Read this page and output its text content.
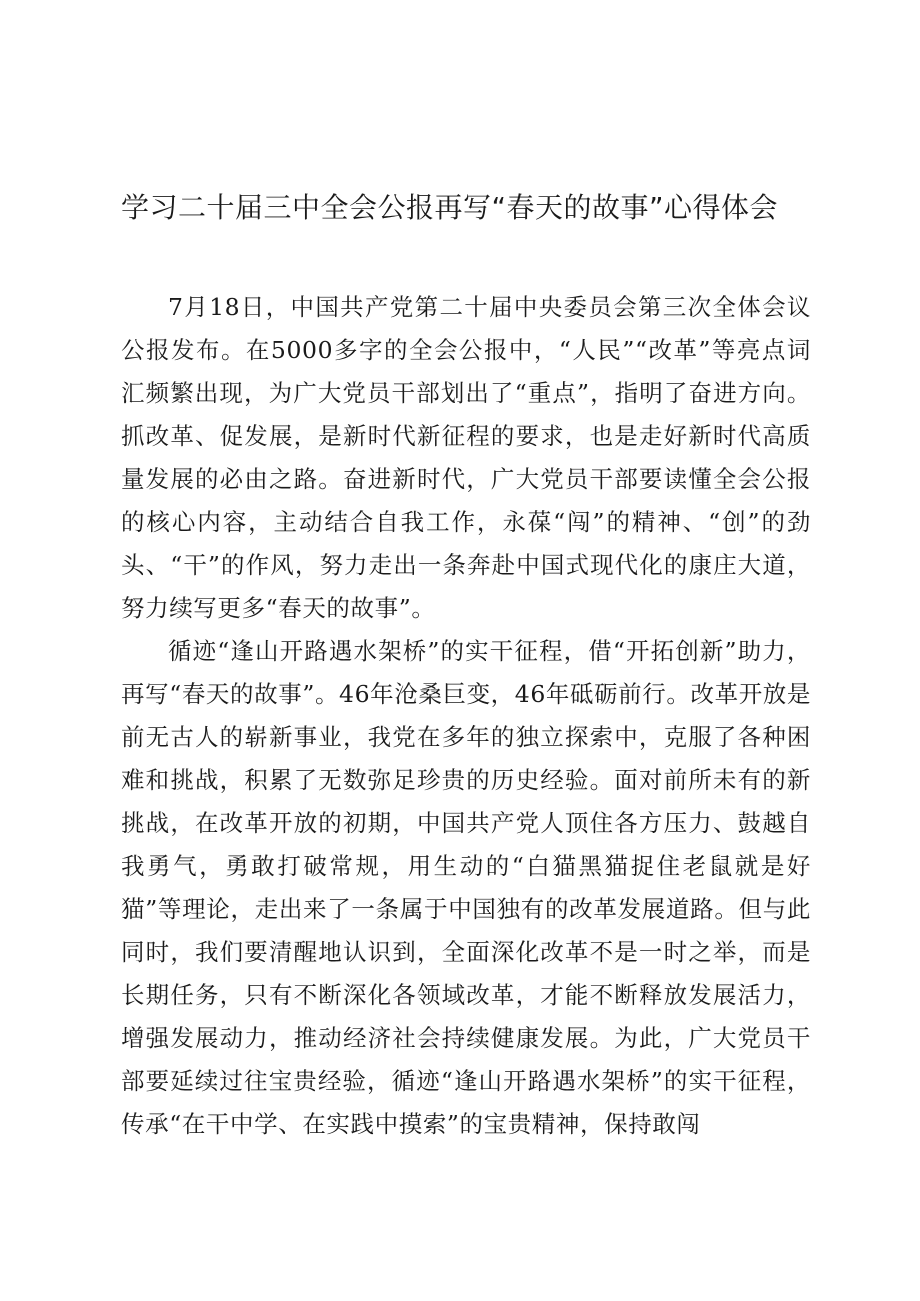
学习二十届三中全会公报再写“春天的故事”心得体会

7月18日，中国共产党第二十届中央委员会第三次全体会议公报发布。在5000多字的全会公报中，“人民”“改革”等亮点词汇频繁出现，为广大党员干部划出了“重点”，指明了奋进方向。抓改革、促发展，是新时代新征程的要求，也是走好新时代高质量发展的必由之路。奋进新时代，广大党员干部要读懂全会公报的核心内容，主动结合自我工作，永葆“闯”的精神、“创”的劲头、“干”的作风，努力走出一条奔赴中国式现代化的康庄大道，努力续写更多“春天的故事”。

循迹“逢山开路遇水架桥”的实干征程，借“开拓创新”助力，再写“春天的故事”。46年沧桑巨变，46年砥砺前行。改革开放是前无古人的崭新事业，我党在多年的独立探索中，克服了各种困难和挑战，积累了无数弥足珍贵的历史经验。面对前所未有的新挑战，在改革开放的初期，中国共产党人顶住各方压力、鼓越自我勇气，勇敢打破常规，用生动的“白猫黑猫捉住老鼠就是好猫”等理论，走出来了一条属于中国独有的改革发展道路。但与此同时，我们要清醒地认识到，全面深化改革不是一时之举，而是长期任务，只有不断深化各领域改革，才能不断释放发展活力，增强发展动力，推动经济社会持续健康发展。为此，广大党员干部要延续过往宝贵经验，循迹“逢山开路遇水架桥”的实干征程，传承“在干中学、在实践中摸索”的宝贵精神，保持敢闯
